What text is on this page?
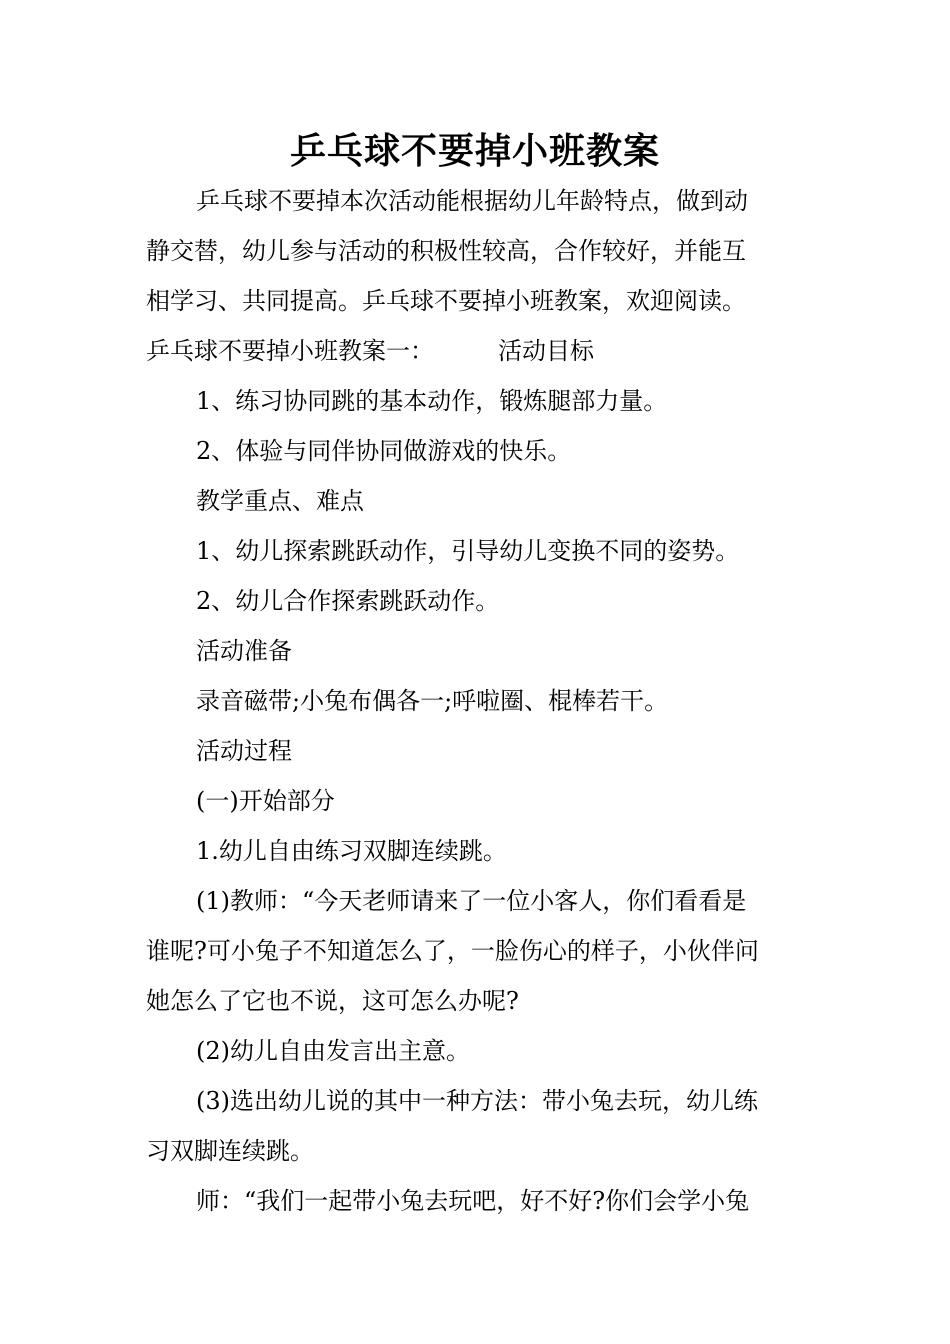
乒乓球不要掉小班教案
乒乓球不要掉本次活动能根据幼儿年龄特点，做到动
静交替，幼儿参与活动的积极性较高，合作较好，并能互
相学习、共同提高。乒乓球不要掉小班教案，欢迎阅读。
乒乓球不要掉小班教案一：	活动目标
1、练习协同跳的基本动作，锻炼腿部力量。
2、体验与同伴协同做游戏的快乐。
教学重点、难点
1、幼儿探索跳跃动作，引导幼儿变换不同的姿势。
2、幼儿合作探索跳跃动作。
活动准备
录音磁带;小兔布偶各一;呼啦圈、棍棒若干。
活动过程
(一)开始部分
1.幼儿自由练习双脚连续跳。
(1)教师：“今天老师请来了一位小客人，你们看看是
谁呢?可小兔子不知道怎么了，一脸伤心的样子，小伙伴问
她怎么了它也不说，这可怎么办呢?
(2)幼儿自由发言出主意。
(3)选出幼儿说的其中一种方法：带小兔去玩，幼儿练
习双脚连续跳。
师：“我们一起带小兔去玩吧，好不好?你们会学小兔
